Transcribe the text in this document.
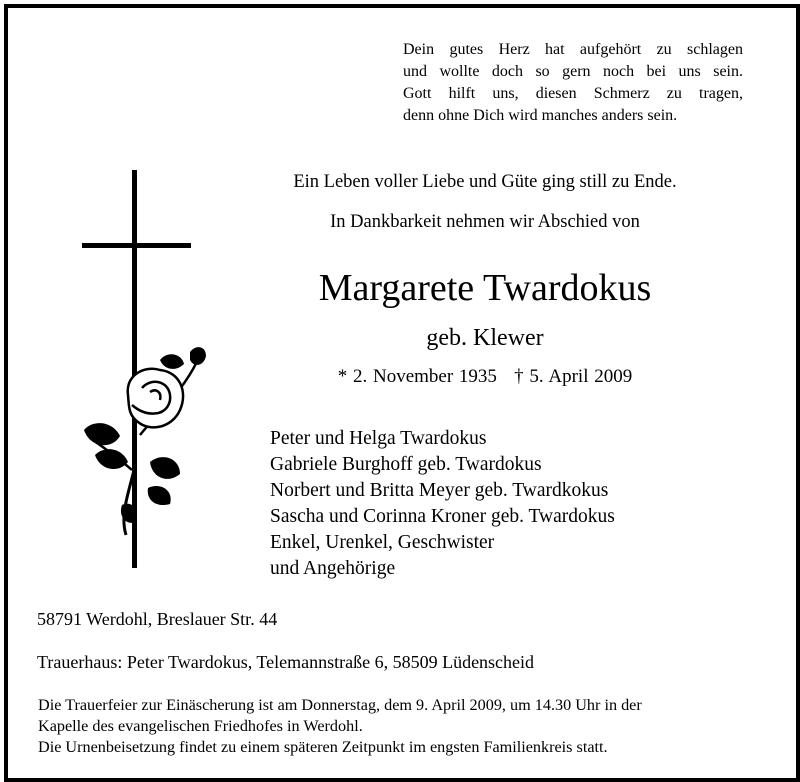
Dein gutes Herz hat aufgehört zu schlagen
und wollte doch so gern noch bei uns sein.
Gott hilft uns, diesen Schmerz zu tragen,
denn ohne Dich wird manches anders sein.
Ein Leben voller Liebe und Güte ging still zu Ende.
In Dankbarkeit nehmen wir Abschied von
Margarete Twardokus
geb. Klewer
* 2. November 1935   † 5. April 2009
Peter und Helga Twardokus
Gabriele Burghoff geb. Twardokus
Norbert und Britta Meyer geb. Twardkokus
Sascha und Corinna Kroner geb. Twardokus
Enkel, Urenkel, Geschwister
und Angehörige
58791 Werdohl, Breslauer Str. 44
Trauerhaus: Peter Twardokus, Telemannstraße 6, 58509 Lüdenscheid
Die Trauerfeier zur Einäscherung ist am Donnerstag, dem 9. April 2009, um 14.30 Uhr in der
Kapelle des evangelischen Friedhofes in Werdohl.
Die Urnenbeisetzung findet zu einem späteren Zeitpunkt im engsten Familienkreis statt.
